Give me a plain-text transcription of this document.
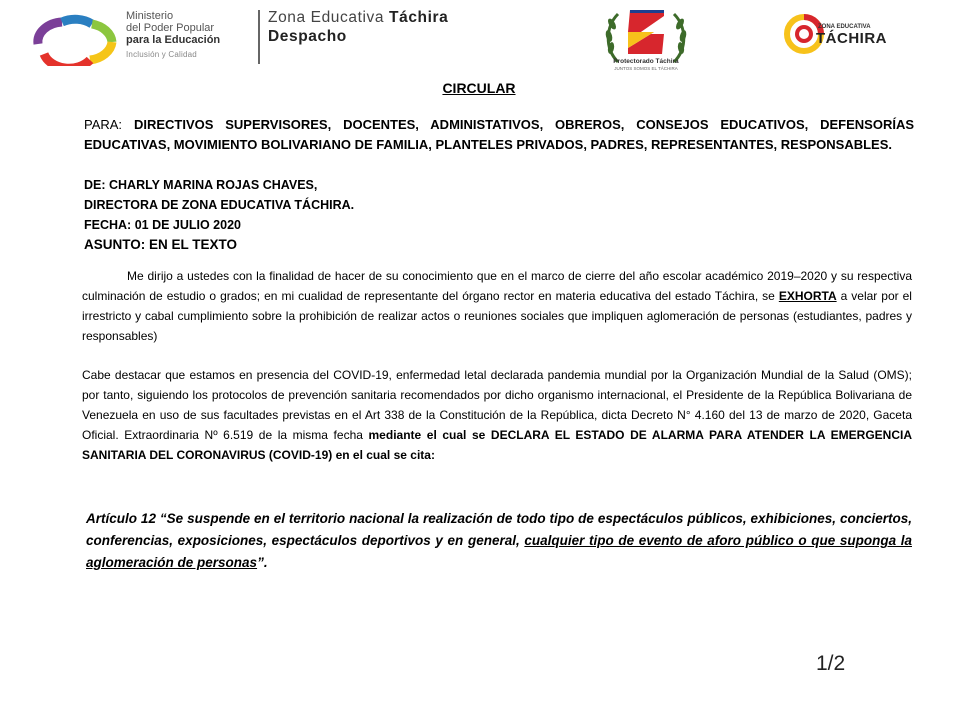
Ministerio
del Poder Popular
para la Educación
Inclusión y Calidad
Zona Educativa Táchira
Despacho
Protectorado Táchira
JUNTOS SOMOS EL TÁCHIRA
ZONA EDUCATIVA
TÁCHIRA
CIRCULAR
PARA: DIRECTIVOS SUPERVISORES, DOCENTES, ADMINISTATIVOS, OBREROS, CONSEJOS EDUCATIVOS, DEFENSORÍAS EDUCATIVAS, MOVIMIENTO BOLIVARIANO DE FAMILIA, PLANTELES PRIVADOS, PADRES, REPRESENTANTES, RESPONSABLES.
DE: CHARLY MARINA ROJAS CHAVES,
DIRECTORA DE ZONA EDUCATIVA TÁCHIRA.
FECHA: 01 DE JULIO 2020
ASUNTO: EN EL TEXTO
Me dirijo a ustedes con la finalidad de hacer de su conocimiento que en el marco de cierre del año escolar académico 2019–2020 y su respectiva culminación de estudio o grados; en mi cualidad de representante del órgano rector en materia educativa del estado Táchira, se EXHORTA a velar por el irrestricto y cabal cumplimiento sobre la prohibición de realizar actos o reuniones sociales que impliquen aglomeración de personas (estudiantes, padres y responsables)
Cabe destacar que estamos en presencia del COVID-19, enfermedad letal declarada pandemia mundial por la Organización Mundial de la Salud (OMS); por tanto, siguiendo los protocolos de prevención sanitaria recomendados por dicho organismo internacional, el Presidente de la República Bolivariana de Venezuela en uso de sus facultades previstas en el Art 338 de la Constitución de la República, dicta Decreto N° 4.160 del 13 de marzo de 2020, Gaceta Oficial. Extraordinaria Nº 6.519 de la misma fecha mediante el cual se DECLARA EL ESTADO DE ALARMA PARA ATENDER LA EMERGENCIA SANITARIA DEL CORONAVIRUS (COVID-19) en el cual se cita:
Artículo 12 “Se suspende en el territorio nacional la realización de todo tipo de espectáculos públicos, exhibiciones, conciertos, conferencias, exposiciones, espectáculos deportivos y en general, cualquier tipo de evento de aforo público o que suponga la aglomeración de personas”.
1/2
